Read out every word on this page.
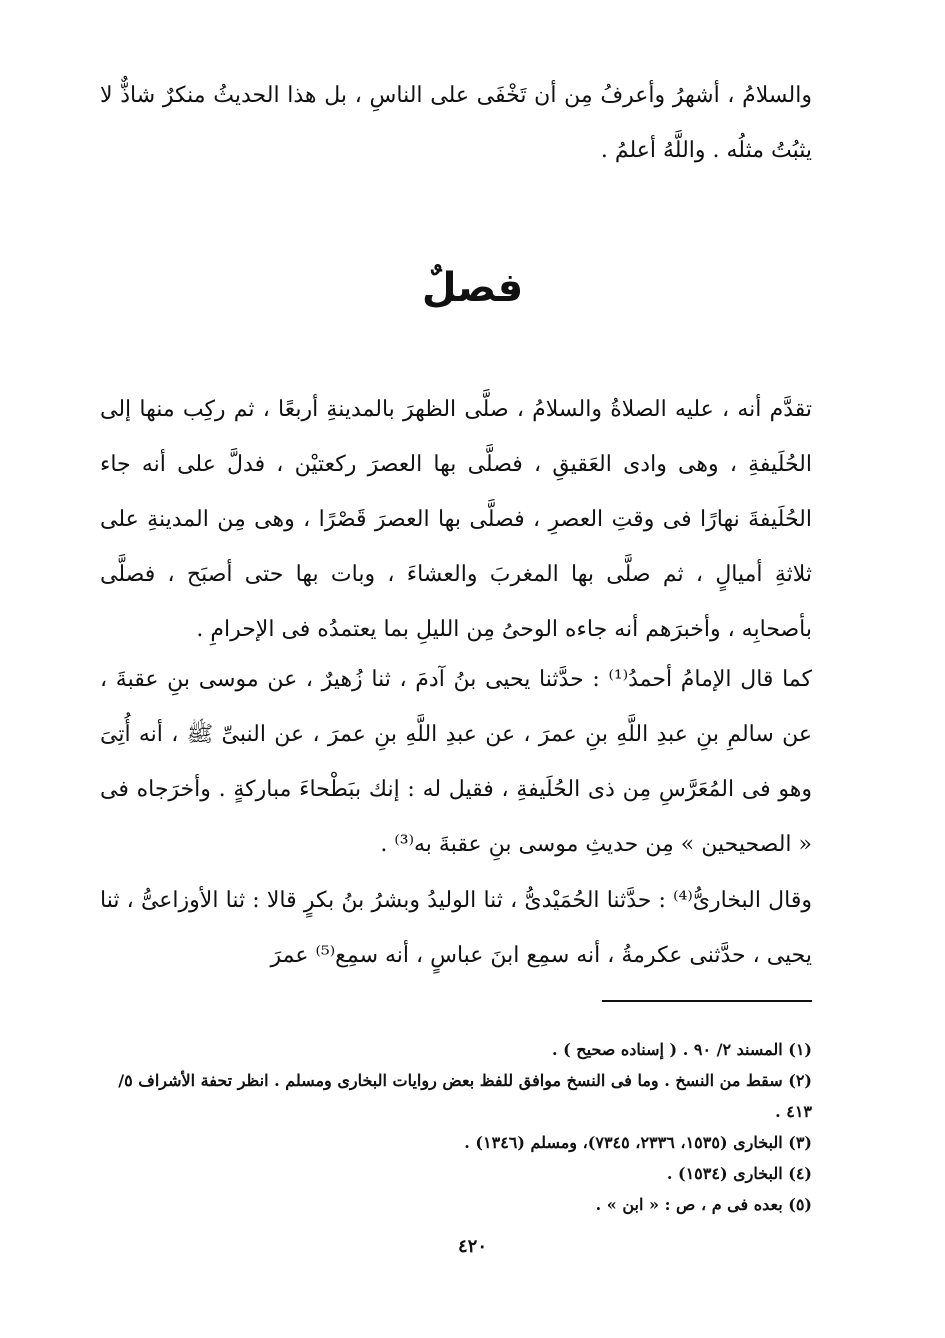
والسلامُ ، أشهرُ وأعرفُ مِن أن تَخْفَى على الناسِ ، بل هذا الحديثُ منكرٌ شاذٌّ لا يثبُتُ مثلُه . واللَّهُ أعلمُ .

فصلٌ

تقدَّم أنه ، عليه الصلاةُ والسلامُ ، صلَّى الظهرَ بالمدينةِ أربعًا ، ثم ركِب منها إلى الحُلَيفةِ ، وهى وادى العَقيقِ ، فصلَّى بها العصرَ ركعتيْن ، فدلَّ على أنه جاء الحُلَيفةَ نهارًا فى وقتِ العصرِ ، فصلَّى بها العصرَ قَصْرًا ، وهى مِن المدينةِ على ثلاثةِ أميالٍ ، ثم صلَّى بها المغربَ والعشاءَ ، وبات بها حتى أصبَح ، فصلَّى بأصحابِه ، وأخبرَهم أنه جاءه الوحىُ مِن الليلِ بما يعتمدُه فى الإحرامِ .

كما قال الإمامُ أحمدُ⁽¹⁾ : حدَّثنا يحيى بنُ آدمَ ، ثنا زُهيرٌ ، عن موسى بنِ عقبةَ ، عن سالمِ بنِ عبدِ اللَّهِ بنِ عمرَ ، عن عبدِ اللَّهِ بنِ عمرَ ، عن النبىِّ ﷺ ، أنه أُتِىَ وهو فى المُعَرَّسِ مِن ذى الحُلَيفةِ ، فقيل له : إنك ببَطْحاءَ مباركةٍ . وأخرَجاه فى « الصحيحين » مِن حديثِ موسى بنِ عقبةَ به⁽³⁾ .

وقال البخارىُّ⁽⁴⁾ : حدَّثنا الحُمَيْدىُّ ، ثنا الوليدُ وبشرُ بنُ بكرٍ قالا : ثنا الأوزاعىُّ ، ثنا يحيى ، حدَّثنى عكرمةُ ، أنه سمِع ابنَ عباسٍ ، أنه سمِع⁽⁵⁾ عمرَ

(١) المسند ٢/ ٩٠ . ( إسناده صحيح ) .

(٢) سقط من النسخ . وما فى النسخ موافق للفظ بعض روايات البخارى ومسلم . انظر تحفة الأشراف ٥/ ٤١٣ .

(٣) البخارى (١٥٣٥، ٢٣٣٦، ٧٣٤٥)، ومسلم (١٣٤٦) .

(٤) البخارى (١٥٣٤) .

(٥) بعده فى م ، ص : « ابن » .

٤٢٠
